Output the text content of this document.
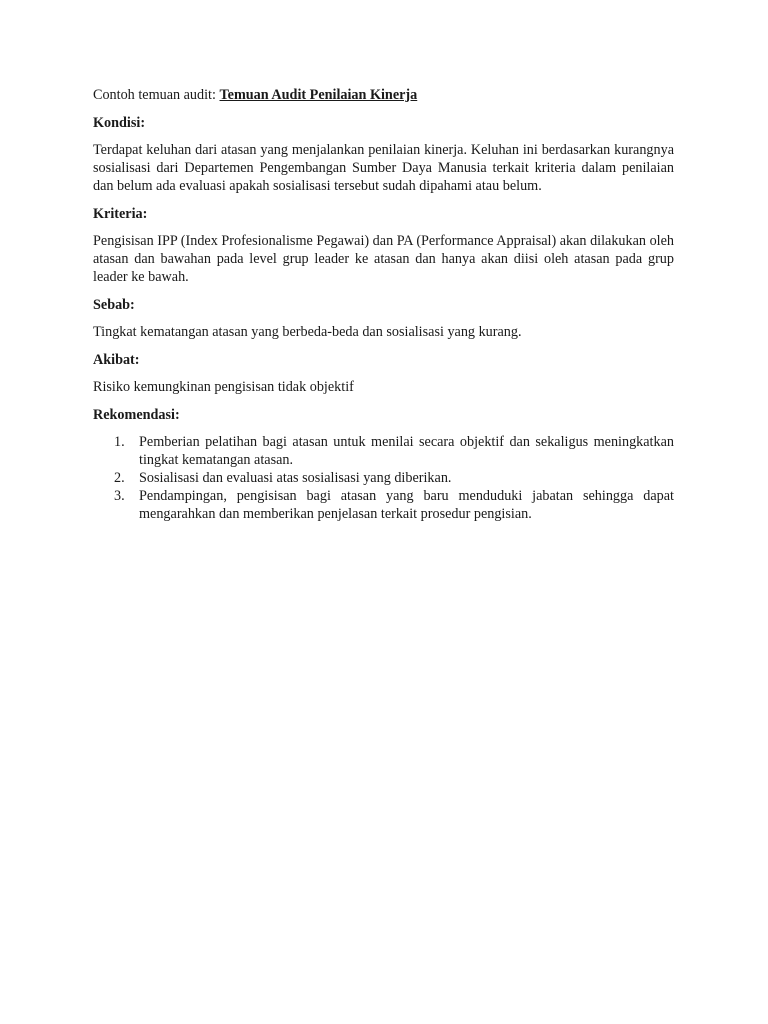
Contoh temuan audit: Temuan Audit Penilaian Kinerja

Kondisi:

Terdapat keluhan dari atasan yang menjalankan penilaian kinerja. Keluhan ini berdasarkan kurangnya sosialisasi dari Departemen Pengembangan Sumber Daya Manusia terkait kriteria dalam penilaian dan belum ada evaluasi apakah sosialisasi tersebut sudah dipahami atau belum.

Kriteria:

Pengisisan IPP (Index Profesionalisme Pegawai) dan PA (Performance Appraisal) akan dilakukan oleh atasan dan bawahan pada level grup leader ke atasan dan hanya akan diisi oleh atasan pada grup leader ke bawah.

Sebab:

Tingkat kematangan atasan yang berbeda-beda dan sosialisasi yang kurang.

Akibat:

Risiko kemungkinan pengisisan tidak objektif

Rekomendasi:

1. Pemberian pelatihan bagi atasan untuk menilai secara objektif dan sekaligus meningkatkan tingkat kematangan atasan.
2. Sosialisasi dan evaluasi atas sosialisasi yang diberikan.
3. Pendampingan, pengisisan bagi atasan yang baru menduduki jabatan sehingga dapat mengarahkan dan memberikan penjelasan terkait prosedur pengisian.
